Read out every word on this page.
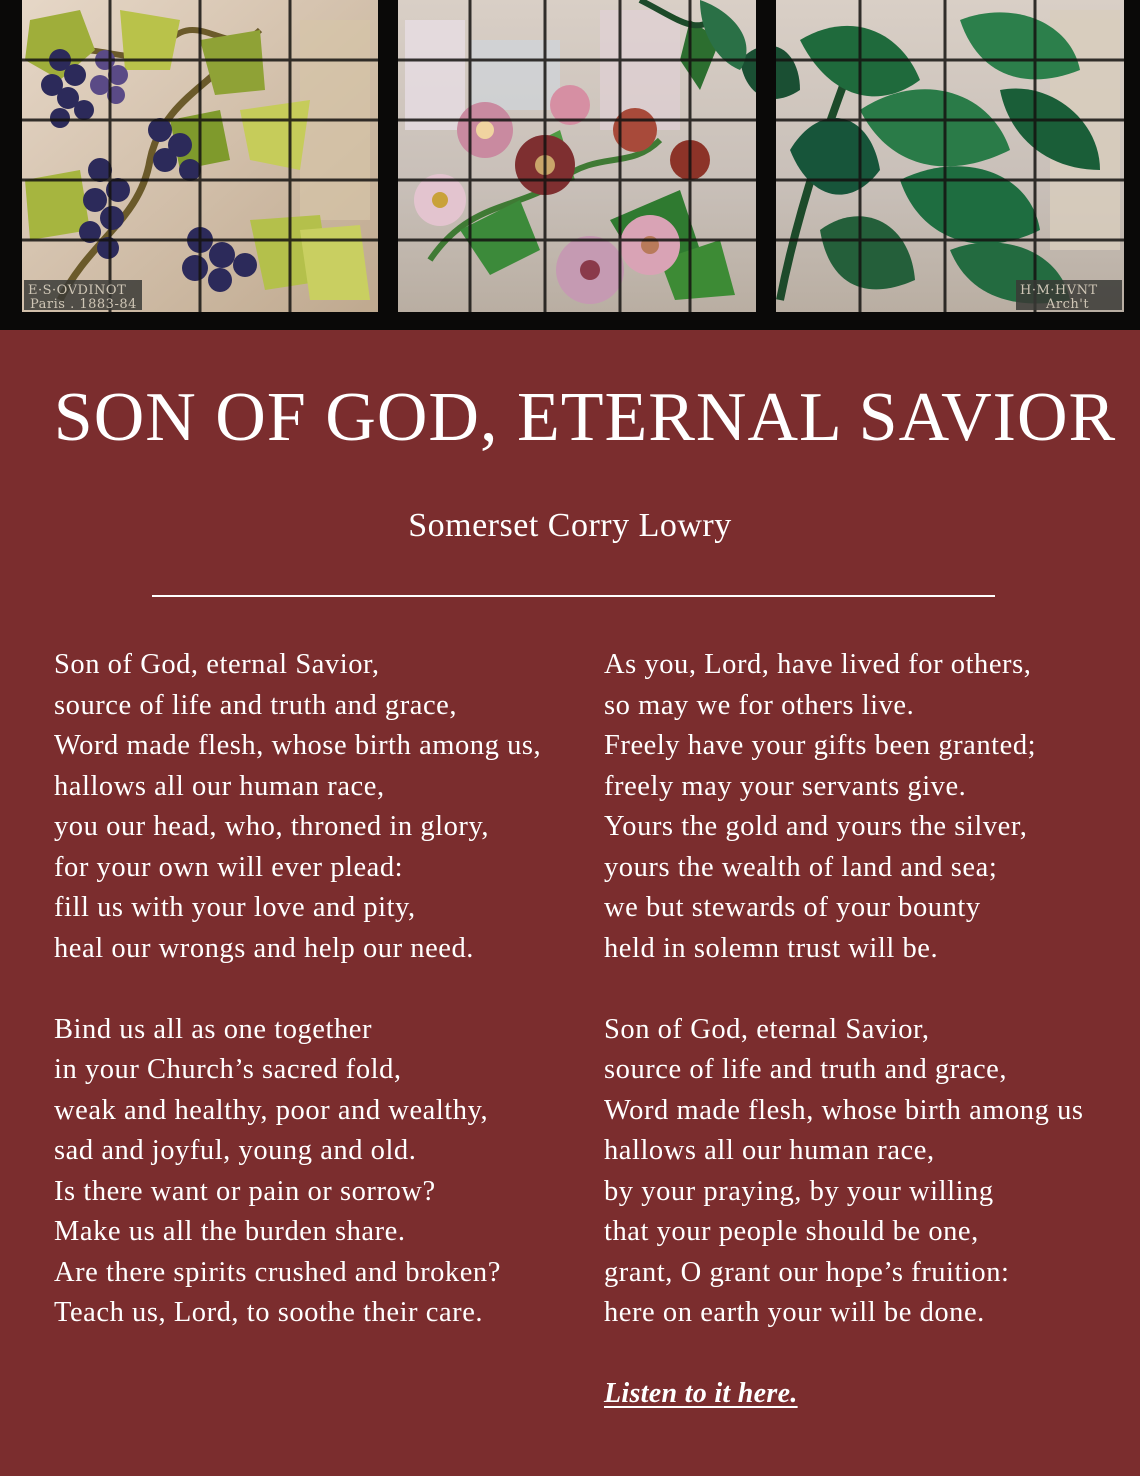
E·S·OVDINOT
Paris . 1883-84
H·M·HVNT
Arch't
SON OF GOD, ETERNAL SAVIOR
Somerset Corry Lowry
Son of God, eternal Savior,
source of life and truth and grace,
Word made flesh, whose birth among us,
hallows all our human race,
you our head, who, throned in glory,
for your own will ever plead:
fill us with your love and pity,
heal our wrongs and help our need.
Bind us all as one together
in your Church’s sacred fold,
weak and healthy, poor and wealthy,
sad and joyful, young and old.
Is there want or pain or sorrow?
Make us all the burden share.
Are there spirits crushed and broken?
Teach us, Lord, to soothe their care.
As you, Lord, have lived for others,
so may we for others live.
Freely have your gifts been granted;
freely may your servants give.
Yours the gold and yours the silver,
yours the wealth of land and sea;
we but stewards of your bounty
held in solemn trust will be.
Son of God, eternal Savior,
source of life and truth and grace,
Word made flesh, whose birth among us
hallows all our human race,
by your praying, by your willing
that your people should be one,
grant, O grant our hope’s fruition:
here on earth your will be done.
Listen to it here.
